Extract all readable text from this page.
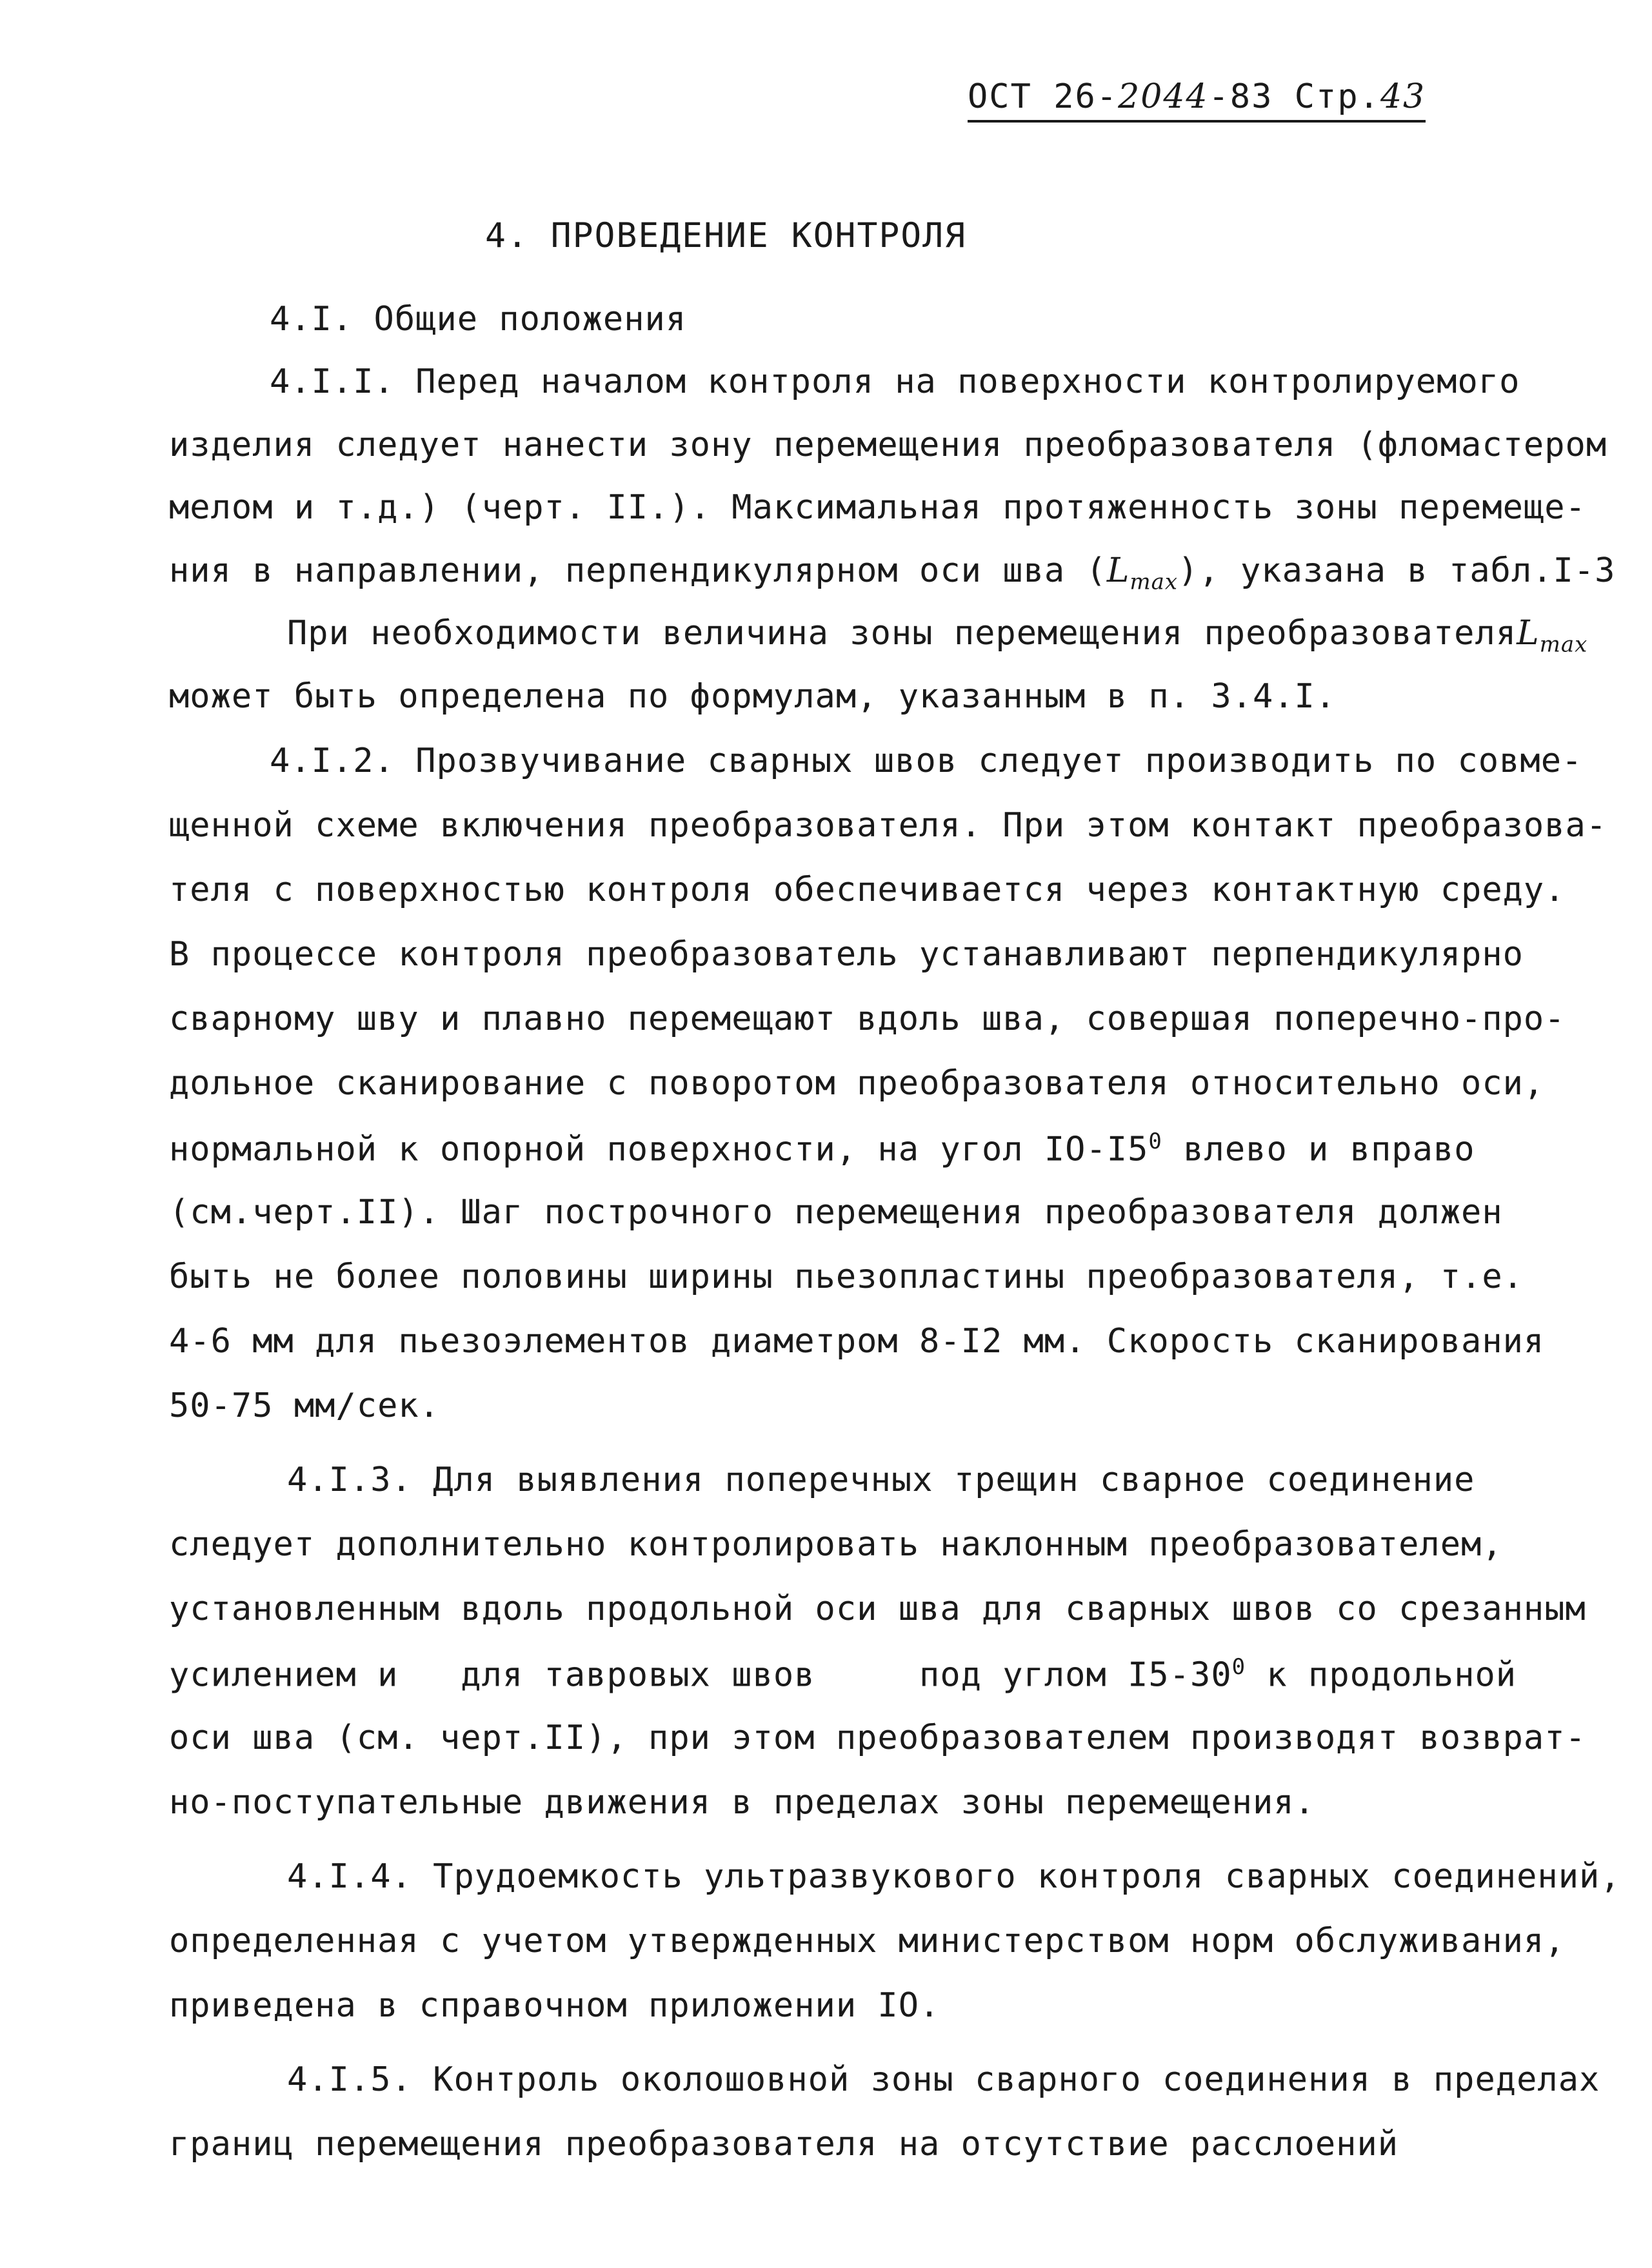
ОСТ 26-2044-83 Стр.43
4. ПРОВЕДЕНИЕ КОНТРОЛЯ
4.I. Общие положения
4.I.I. Перед началом контроля на поверхности контролируемого
изделия следует нанести зону перемещения преобразователя (фломастером
мелом и т.д.) (черт. II.). Максимальная протяженность зоны перемеще-
ния в направлении, перпендикулярном оси шва $(L_{max})$, указана в табл.I-3
При необходимости величина зоны перемещения преобразователяL$_{max}$
может быть определена по формулам, указанным в п. 3.4.I.
4.I.2. Прозвучивание сварных швов следует производить по совме-
щенной схеме включения преобразователя. При этом контакт преобразова-
теля с поверхностью контроля обеспечивается через контактную среду.
В процессе контроля преобразователь устанавливают перпендикулярно
сварному шву и плавно перемещают вдоль шва, совершая поперечно-про-
дольное сканирование с поворотом преобразователя относительно оси,
нормальной к опорной поверхности, на угол $IO-I5^0$ влево и вправо
(см.черт.II). Шаг построчного перемещения преобразователя должен
быть не более половины ширины пьезопластины преобразователя, т.е.
4-6 мм для пьезоэлементов диаметром 8-I2 мм. Скорость сканирования
50-75 мм/сек.
4.I.3. Для выявления поперечных трещин сварное соединение
следует дополнительно контролировать наклонным преобразователем,
установленным вдоль продольной оси шва для сварных швов со срезанным
усилением и   для тавровых швов     под углом $I5-30^0$ к продольной
оси шва (см. черт.II), при этом преобразователем производят возврат-
но-поступательные движения в пределах зоны перемещения.
4.I.4. Трудоемкость ультразвукового контроля сварных соединений,
определенная с учетом утвержденных министерством норм обслуживания,
приведена в справочном приложении IO.
4.I.5. Контроль околошовной зоны сварного соединения в пределах
границ перемещения преобразователя на отсутствие расслоений
